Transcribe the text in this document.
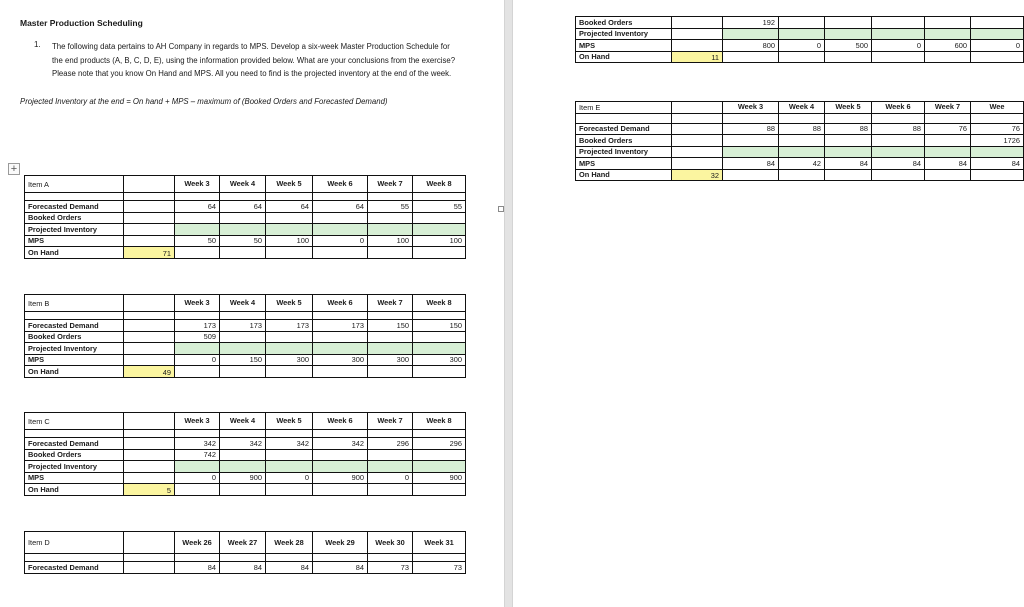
Master Production Scheduling
1. The following data pertains to AH Company in regards to MPS. Develop a six-week Master Production Schedule for the end products (A, B, C, D, E), using the information provided below. What are your conclusions from the exercise? Please note that you know On Hand and MPS. All you need to find is the projected inventory at the end of the week.
Projected Inventory at the end = On hand + MPS – maximum of (Booked Orders and Forecasted Demand)
+
Item A		Week 3	Week 4	Week 5	Week 6	Week 7	Week 8

Forecasted Demand		64	64	64	64	55	55
Booked Orders							
Projected Inventory							
MPS		50	50	100	0	100	100
On Hand	71						
Item B		Week 3	Week 4	Week 5	Week 6	Week 7	Week 8

Forecasted Demand		173	173	173	173	150	150
Booked Orders		509					
Projected Inventory							
MPS		0	150	300	300	300	300
On Hand	49						
Item C		Week 3	Week 4	Week 5	Week 6	Week 7	Week 8

Forecasted Demand		342	342	342	342	296	296
Booked Orders		742					
Projected Inventory							
MPS		0	900	0	900	0	900
On Hand	5						
Item D		Week 26	Week 27	Week 28	Week 29	Week 30	Week 31

Forecasted Demand		84	84	84	84	73	73
Booked Orders		192					
Projected Inventory							
MPS		800	0	500	0	600	0
On Hand	11						
Item E		Week 3	Week 4	Week 5	Week 6	Week 7	Wee

Forecasted Demand		88	88	88	88	76	76
Booked Orders							1726
Projected Inventory							
MPS		84	42	84	84	84	84
On Hand	32						
